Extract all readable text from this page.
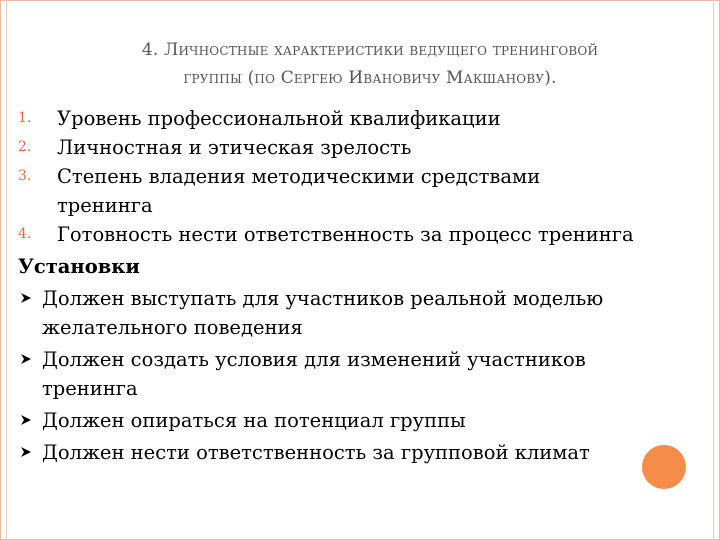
4. Личностные характеристики ведущего тренинговой
группы (по Сергею Ивановичу Макшанову).
1. Уровень профессиональной квалификации
2. Личностная и этическая зрелость
3. Степень владения методическими средствами
тренинга
4. Готовность нести ответственность за процесс тренинга
Установки
Должен выступать для участников реальной моделью
желательного поведения
Должен создать условия для изменений участников
тренинга
Должен опираться на потенциал группы
Должен нести ответственность за групповой климат
